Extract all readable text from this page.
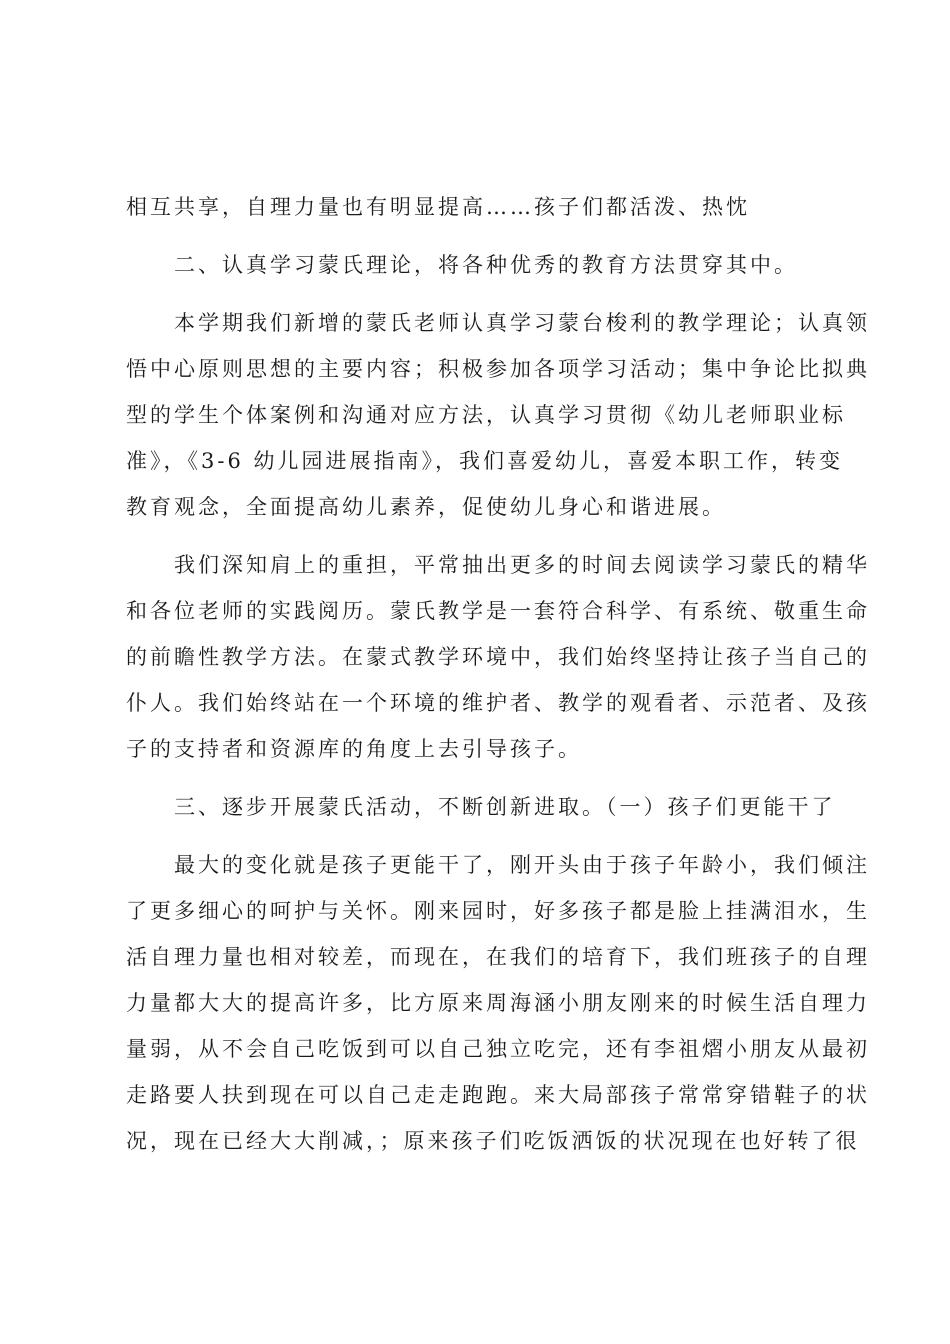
相互共享，自理力量也有明显提高……孩子们都活泼、热忱

二、认真学习蒙氏理论，将各种优秀的教育方法贯穿其中。

本学期我们新增的蒙氏老师认真学习蒙台梭利的教学理论；认真领
悟中心原则思想的主要内容；积极参加各项学习活动；集中争论比拟典
型的学生个体案例和沟通对应方法，认真学习贯彻《幼儿老师职业标
准》，《3-6 幼儿园进展指南》，我们喜爱幼儿，喜爱本职工作，转变
教育观念，全面提高幼儿素养，促使幼儿身心和谐进展。

我们深知肩上的重担，平常抽出更多的时间去阅读学习蒙氏的精华
和各位老师的实践阅历。蒙氏教学是一套符合科学、有系统、敬重生命
的前瞻性教学方法。在蒙式教学环境中，我们始终坚持让孩子当自己的
仆人。我们始终站在一个环境的维护者、教学的观看者、示范者、及孩
子的支持者和资源库的角度上去引导孩子。

三、逐步开展蒙氏活动，不断创新进取。（一）孩子们更能干了

最大的变化就是孩子更能干了，刚开头由于孩子年龄小，我们倾注
了更多细心的呵护与关怀。刚来园时，好多孩子都是脸上挂满泪水，生
活自理力量也相对较差，而现在，在我们的培育下，我们班孩子的自理
力量都大大的提高许多，比方原来周海涵小朋友刚来的时候生活自理力
量弱，从不会自己吃饭到可以自己独立吃完，还有李祖熠小朋友从最初
走路要人扶到现在可以自己走走跑跑。来大局部孩子常常穿错鞋子的状
况，现在已经大大削减，；原来孩子们吃饭洒饭的状况现在也好转了很
